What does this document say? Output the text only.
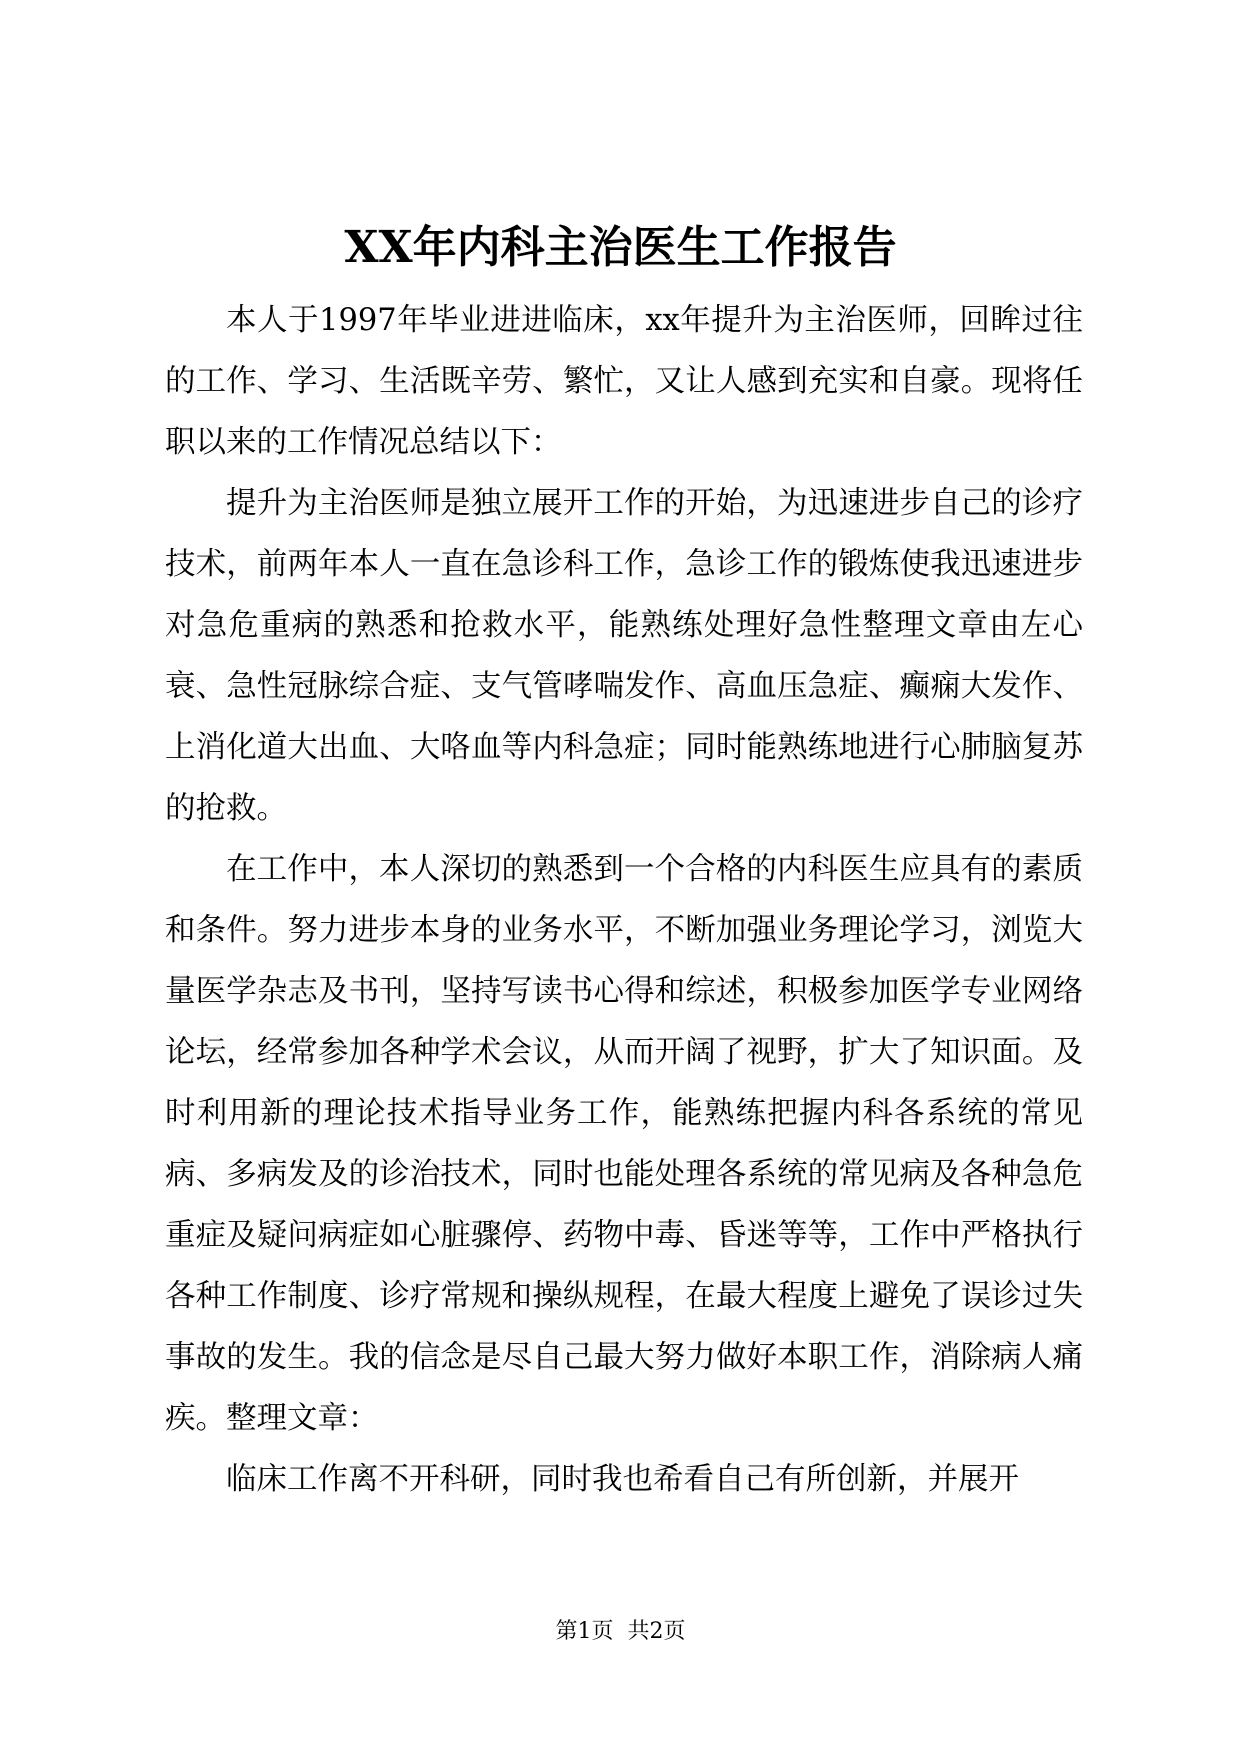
XX年内科主治医生工作报告

本人于1997年毕业进进临床，xx年提升为主治医师，回眸过往的工作、学习、生活既辛劳、繁忙，又让人感到充实和自豪。现将任职以来的工作情况总结以下：

提升为主治医师是独立展开工作的开始，为迅速进步自己的诊疗技术，前两年本人一直在急诊科工作，急诊工作的锻炼使我迅速进步对急危重病的熟悉和抢救水平，能熟练处理好急性整理文章由左心衰、急性冠脉综合症、支气管哮喘发作、高血压急症、癫痫大发作、上消化道大出血、大咯血等内科急症；同时能熟练地进行心肺脑复苏的抢救。

在工作中，本人深切的熟悉到一个合格的内科医生应具有的素质和条件。努力进步本身的业务水平，不断加强业务理论学习，浏览大量医学杂志及书刊，坚持写读书心得和综述，积极参加医学专业网络论坛，经常参加各种学术会议，从而开阔了视野，扩大了知识面。及时利用新的理论技术指导业务工作，能熟练把握内科各系统的常见病、多病发及的诊治技术，同时也能处理各系统的常见病及各种急危重症及疑问病症如心脏骤停、药物中毒、昏迷等等，工作中严格执行各种工作制度、诊疗常规和操纵规程，在最大程度上避免了误诊过失事故的发生。我的信念是尽自己最大努力做好本职工作，消除病人痛疾。整理文章：

临床工作离不开科研，同时我也希看自己有所创新，并展开

第1页 共2页
